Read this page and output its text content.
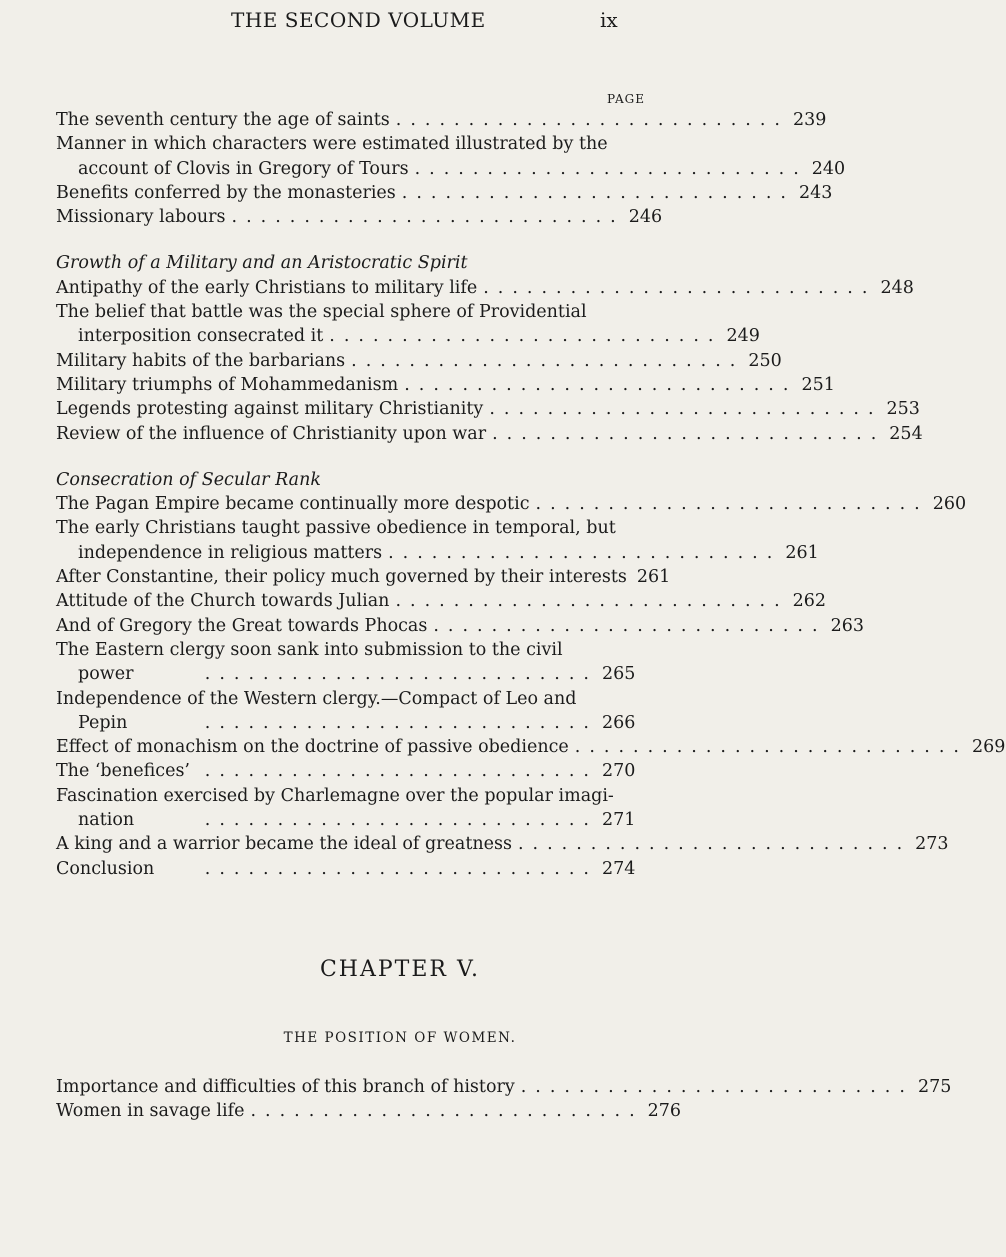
THE SECOND VOLUME	ix
PAGE
The seventh century the age of saints ........................... 239
Manner in which characters were estimated illustrated by the
account of Clovis in Gregory of Tours ........................... 240
Benefits conferred by the monasteries ........................... 243
Missionary labours ........................... 246
Growth of a Military and an Aristocratic Spirit
Antipathy of the early Christians to military life ........................... 248
The belief that battle was the special sphere of Providential
interposition consecrated it ........................... 249
Military habits of the barbarians ........................... 250
Military triumphs of Mohammedanism ........................... 251
Legends protesting against military Christianity ........................... 253
Review of the influence of Christianity upon war ........................... 254
Consecration of Secular Rank
The Pagan Empire became continually more despotic ........................... 260
The early Christians taught passive obedience in temporal, but
independence in religious matters ........................... 261
After Constantine, their policy much governed by their interests 261
Attitude of the Church towards Julian ........................... 262
And of Gregory the Great towards Phocas ........................... 263
The Eastern clergy soon sank into submission to the civil
power	........................... 265
Independence of the Western clergy.—Compact of Leo and
Pepin	........................... 266
Effect of monachism on the doctrine of passive obedience ........................... 269
The ‘benefices’ ........................... 270
Fascination exercised by Charlemagne over the popular imagi-
nation	........................... 271
A king and a warrior became the ideal of greatness ........................... 273
Conclusion	........................... 274
CHAPTER V.
THE POSITION OF WOMEN.
Importance and difficulties of this branch of history ........................... 275
Women in savage life ........................... 276
